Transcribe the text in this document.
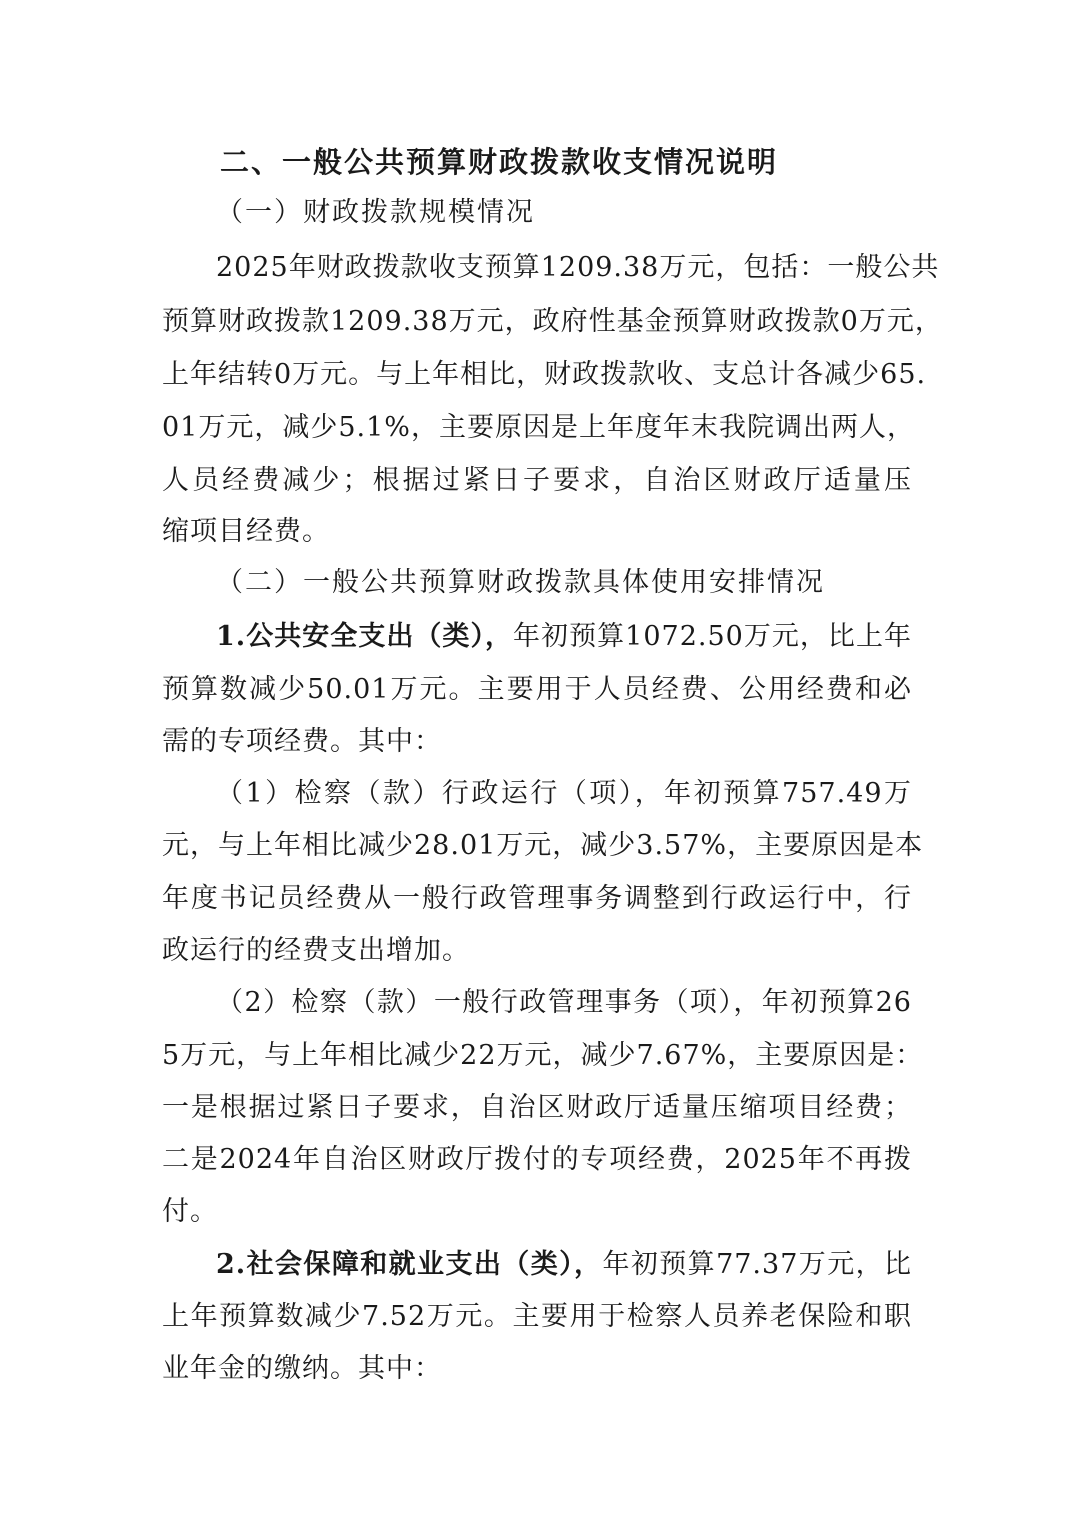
二、一般公共预算财政拨款收支情况说明
（一）财政拨款规模情况
2025年财政拨款收支预算1209.38万元，包括：一般公共
预算财政拨款1209.38万元，政府性基金预算财政拨款0万元，
上年结转0万元。与上年相比，财政拨款收、支总计各减少65.
01万元，减少5.1%，主要原因是上年度年末我院调出两人，
人员经费减少；根据过紧日子要求，自治区财政厅适量压
缩项目经费。
（二）一般公共预算财政拨款具体使用安排情况
1.公共安全支出（类），年初预算1072.50万元，比上年
预算数减少50.01万元。主要用于人员经费、公用经费和必
需的专项经费。其中：
（1）检察（款）行政运行（项），年初预算757.49万
元，与上年相比减少28.01万元，减少3.57%，主要原因是本
年度书记员经费从一般行政管理事务调整到行政运行中，行
政运行的经费支出增加。
（2）检察（款）一般行政管理事务（项），年初预算26
5万元，与上年相比减少22万元，减少7.67%，主要原因是：
一是根据过紧日子要求，自治区财政厅适量压缩项目经费；
二是2024年自治区财政厅拨付的专项经费，2025年不再拨
付。
2.社会保障和就业支出（类），年初预算77.37万元，比
上年预算数减少7.52万元。主要用于检察人员养老保险和职
业年金的缴纳。其中：
